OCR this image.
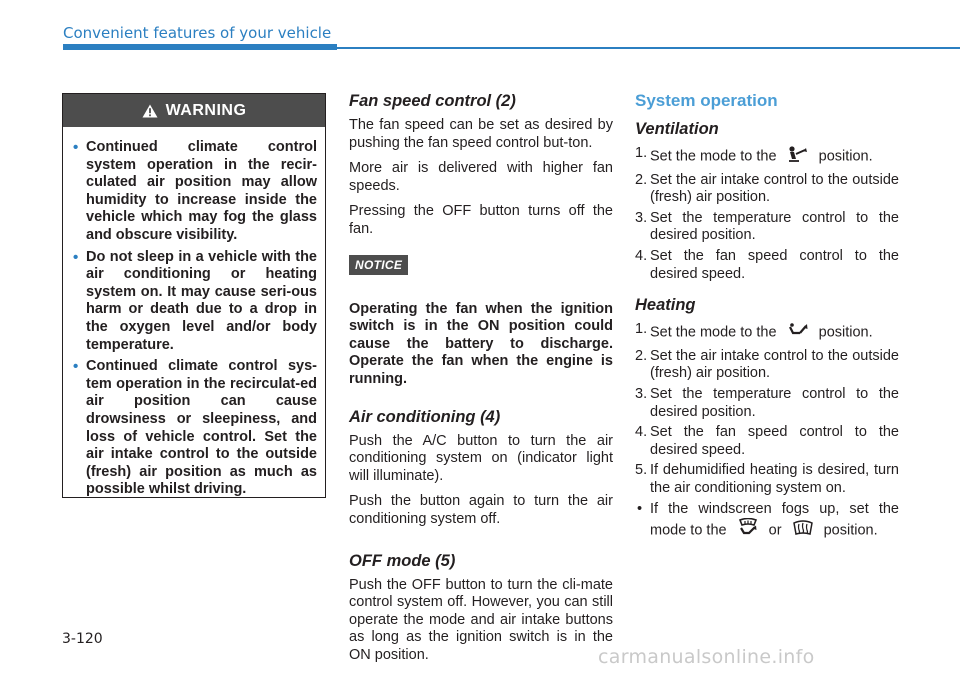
Convenient features of your vehicle
WARNING
• Continued climate control system operation in the recir-culated air position may allow humidity to increase inside the vehicle which may fog the glass and obscure visibility.
• Do not sleep in a vehicle with the air conditioning or heating system on. It may cause seri-ous harm or death due to a drop in the oxygen level and/or body temperature.
• Continued climate control sys-tem operation in the recirculat-ed air position can cause drowsiness or sleepiness, and loss of vehicle control. Set the air intake control to the outside (fresh) air position as much as possible whilst driving.
Fan speed control (2)

The fan speed can be set as desired by pushing the fan speed control but-ton.

More air is delivered with higher fan speeds.

Pressing the OFF button turns off the fan.

NOTICE

Operating the fan when the ignition switch is in the ON position could cause the battery to discharge. Operate the fan when the engine is running.

Air conditioning (4)

Push the A/C button to turn the air conditioning system on (indicator light will illuminate).

Push the button again to turn the air conditioning system off.

OFF mode (5)

Push the OFF button to turn the cli-mate control system off. However, you can still operate the mode and air intake buttons as long as the ignition switch is in the ON position.

System operation
Ventilation
1. Set the mode to the	position.
2. Set the air intake control to the outside (fresh) air position.
3. Set the temperature control to the desired position.
4. Set the fan speed control to the desired speed.
Heating
1. Set the mode to the	position.
2. Set the air intake control to the outside (fresh) air position.
3. Set the temperature control to the desired position.
4. Set the fan speed control to the desired speed.
5. If dehumidified heating is desired, turn the air conditioning system on.
• If the windscreen fogs up, set the mode to the	or	position.
3-120
carmanualsonline.info
